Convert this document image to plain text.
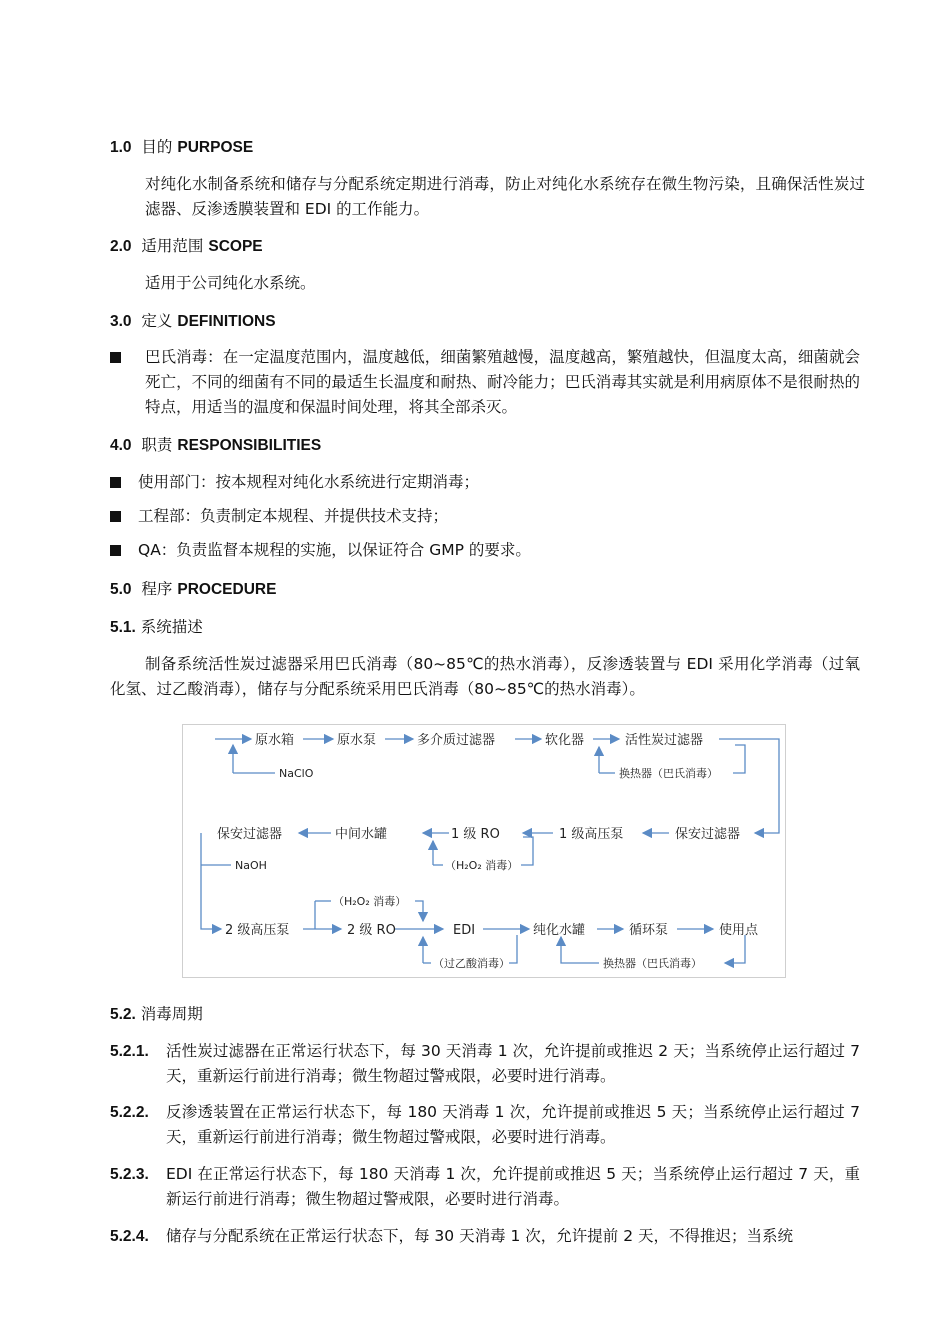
1.0 目的 PURPOSE
对纯化水制备系统和储存与分配系统定期进行消毒，防止对纯化水系统存在微生物污染，且确保活性炭过滤器、反渗透膜装置和 EDI 的工作能力。
2.0 适用范围 SCOPE
适用于公司纯化水系统。
3.0 定义 DEFINITIONS
巴氏消毒：在一定温度范围内，温度越低，细菌繁殖越慢，温度越高，繁殖越快，但温度太高，细菌就会死亡，不同的细菌有不同的最适生长温度和耐热、耐冷能力；巴氏消毒其实就是利用病原体不是很耐热的特点，用适当的温度和保温时间处理，将其全部杀灭。
4.0 职责 RESPONSIBILITIES
使用部门：按本规程对纯化水系统进行定期消毒；
工程部：负责制定本规程、并提供技术支持；
QA：负责监督本规程的实施，以保证符合 GMP 的要求。
5.0 程序 PROCEDURE
5.1. 系统描述
制备系统活性炭过滤器采用巴氏消毒（80~85℃的热水消毒），反渗透装置与 EDI 采用化学消毒（过氧化氢、过乙酸消毒），储存与分配系统采用巴氏消毒（80~85℃的热水消毒）。
原水箱	原水泵	多介质过滤器	软化器	活性炭过滤器
NaClO	换热器（巴氏消毒）
保安过滤器
1 级高压泵
1 级 RO
中间水罐
保安过滤器
（H₂O₂ 消毒）
NaOH
（H₂O₂ 消毒）
2 级高压泵	2 级 RO	EDI	纯化水罐	循环泵	使用点
（过乙酸消毒）	换热器（巴氏消毒）
5.2. 消毒周期
5.2.1. 活性炭过滤器在正常运行状态下，每 30 天消毒 1 次，允许提前或推迟 2 天；当系统停止运行超过 7 天，重新运行前进行消毒；微生物超过警戒限，必要时进行消毒。
5.2.2. 反渗透装置在正常运行状态下，每 180 天消毒 1 次，允许提前或推迟 5 天；当系统停止运行超过 7 天，重新运行前进行消毒；微生物超过警戒限，必要时进行消毒。
5.2.3. EDI 在正常运行状态下，每 180 天消毒 1 次，允许提前或推迟 5 天；当系统停止运行超过 7 天，重新运行前进行消毒；微生物超过警戒限，必要时进行消毒。
5.2.4. 储存与分配系统在正常运行状态下，每 30 天消毒 1 次，允许提前 2 天，不得推迟；当系统
